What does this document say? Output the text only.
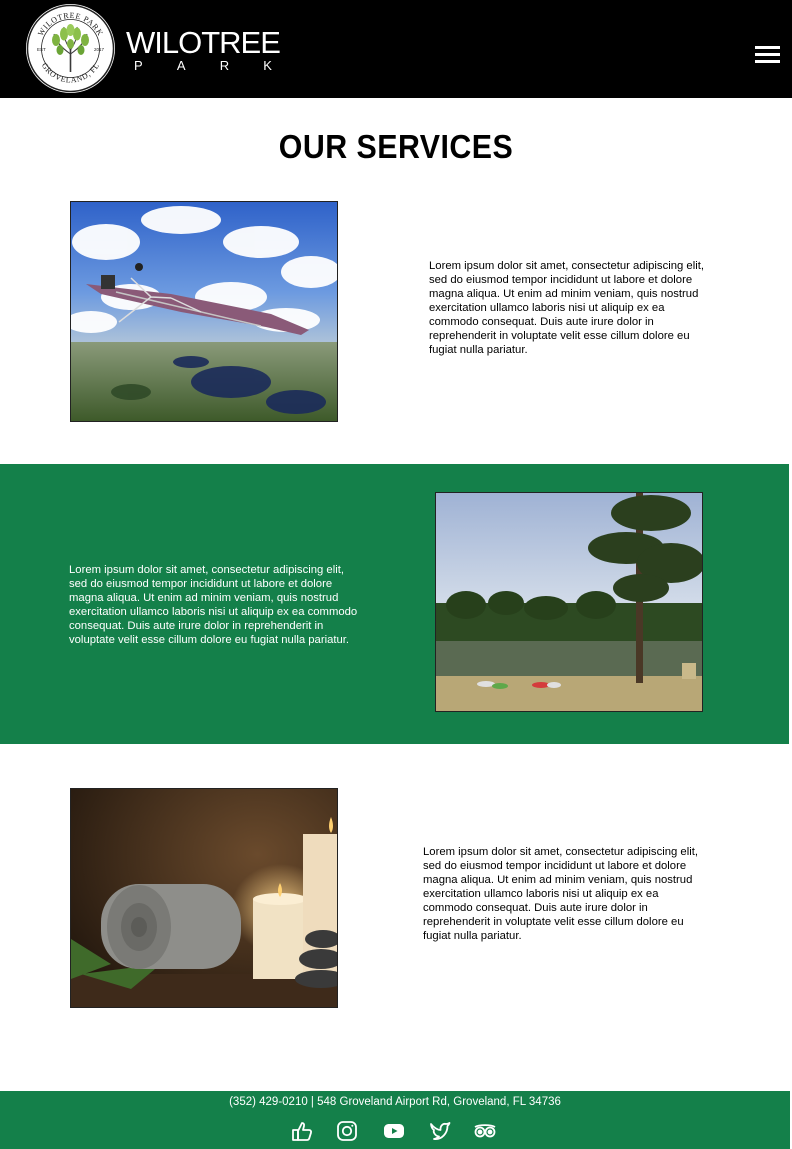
WILOTREE PARK
GROVELAND, FL
EST	2017 WILOTREE
P	A	R	K
OUR SERVICES

Lorem ipsum dolor sit amet, consectetur adipiscing elit, sed do eiusmod tempor incididunt ut labore et dolore magna aliqua. Ut enim ad minim veniam, quis nostrud exercitation ullamco laboris nisi ut aliquip ex ea commodo consequat. Duis aute irure dolor in reprehenderit in voluptate velit esse cillum dolore eu fugiat nulla pariatur.

Lorem ipsum dolor sit amet, consectetur adipiscing elit, sed do eiusmod tempor incididunt ut labore et dolore magna aliqua. Ut enim ad minim veniam, quis nostrud exercitation ullamco laboris nisi ut aliquip ex ea commodo consequat. Duis aute irure dolor in reprehenderit in voluptate velit esse cillum dolore eu fugiat nulla pariatur.

Lorem ipsum dolor sit amet, consectetur adipiscing elit, sed do eiusmod tempor incididunt ut labore et dolore magna aliqua. Ut enim ad minim veniam, quis nostrud exercitation ullamco laboris nisi ut aliquip ex ea commodo consequat. Duis aute irure dolor in reprehenderit in voluptate velit esse cillum dolore eu fugiat nulla pariatur.

(352) 429-0210 | 548 Groveland Airport Rd, Groveland, FL 34736
